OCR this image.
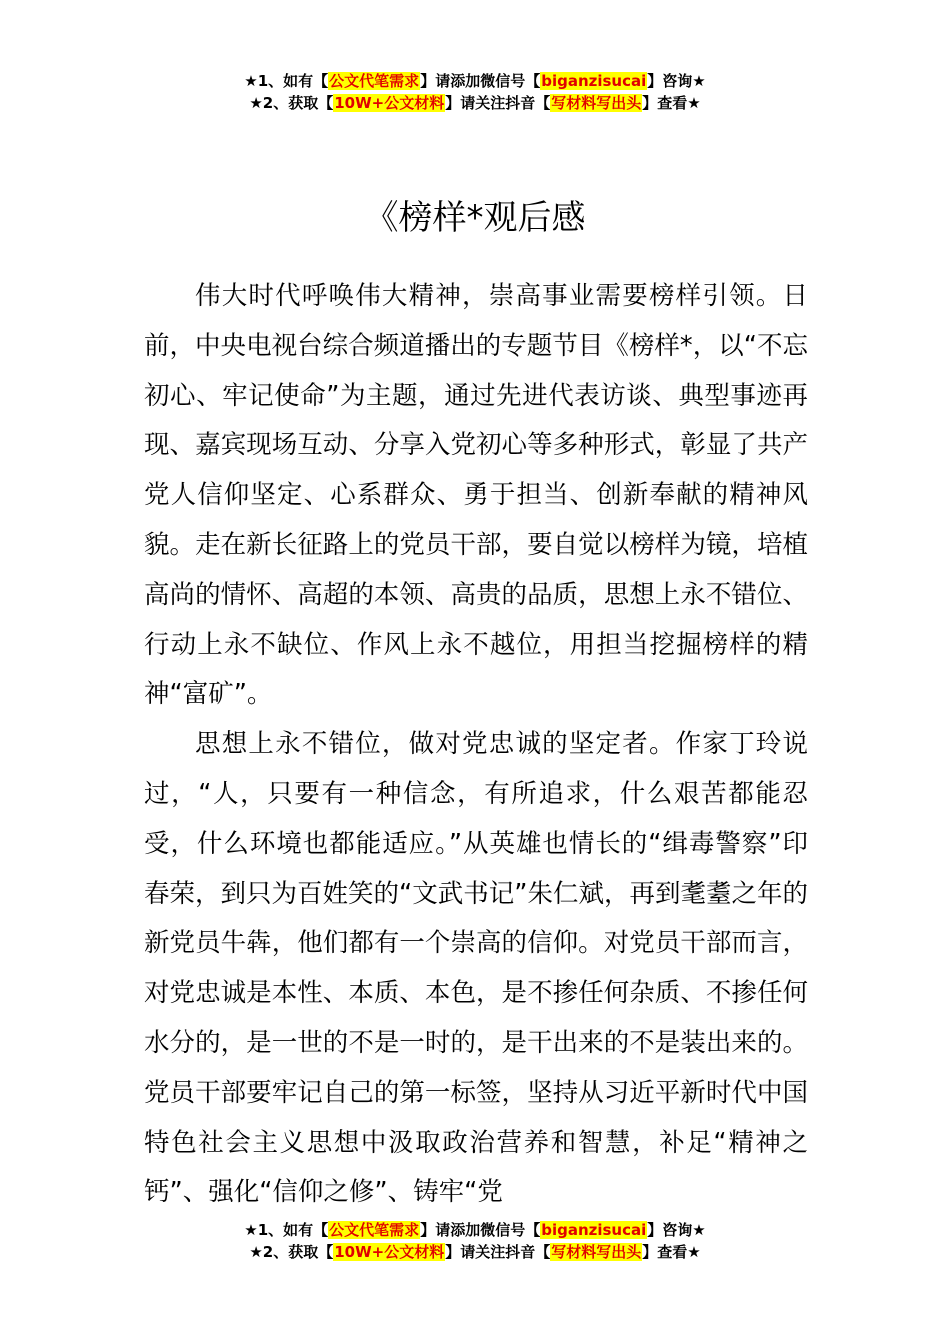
★1、如有【公文代笔需求】请添加微信号【biganzisucai】咨询★
★2、获取【10W+公文材料】请关注抖音【写材料写出头】查看★
《榜样*观后感

伟大时代呼唤伟大精神，崇高事业需要榜样引领。日前，中央电视台综合频道播出的专题节目《榜样*，以“不忘初心、牢记使命”为主题，通过先进代表访谈、典型事迹再现、嘉宾现场互动、分享入党初心等多种形式，彰显了共产党人信仰坚定、心系群众、勇于担当、创新奉献的精神风貌。走在新长征路上的党员干部，要自觉以榜样为镜，培植高尚的情怀、高超的本领、高贵的品质，思想上永不错位、行动上永不缺位、作风上永不越位，用担当挖掘榜样的精神“富矿”。

思想上永不错位，做对党忠诚的坚定者。作家丁玲说过，“人，只要有一种信念，有所追求，什么艰苦都能忍受，什么环境也都能适应。”从英雄也情长的“缉毒警察”印春荣，到只为百姓笑的“文武书记”朱仁斌，再到耄耋之年的新党员牛犇，他们都有一个崇高的信仰。对党员干部而言，对党忠诚是本性、本质、本色，是不掺任何杂质、不掺任何水分的，是一世的不是一时的，是干出来的不是装出来的。党员干部要牢记自己的第一标签，坚持从习近平新时代中国特色社会主义思想中汲取政治营养和智慧，补足“精神之钙”、强化“信仰之修”、铸牢“党

★1、如有【公文代笔需求】请添加微信号【biganzisucai】咨询★
★2、获取【10W+公文材料】请关注抖音【写材料写出头】查看★
